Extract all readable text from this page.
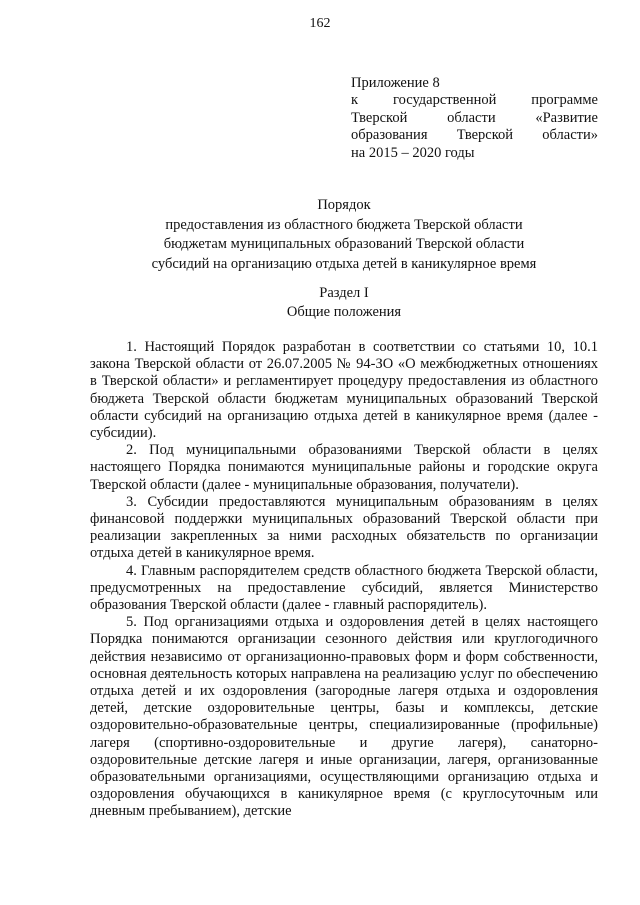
162
Приложение 8
к государственной программе
Тверской области «Развитие
образования Тверской области»
на 2015 – 2020 годы
Порядок
предоставления из областного бюджета Тверской области
бюджетам муниципальных образований Тверской области
субсидий на организацию отдыха детей в каникулярное время
Раздел I
Общие положения

1. Настоящий Порядок разработан в соответствии со статьями 10, 10.1 закона Тверской области от 26.07.2005 № 94-ЗО «О межбюджетных отношениях в Тверской области» и регламентирует процедуру предоставления из областного бюджета Тверской области бюджетам муниципальных образований Тверской области субсидий на организацию отдыха детей в каникулярное время (далее - субсидии).

2. Под муниципальными образованиями Тверской области в целях настоящего Порядка понимаются муниципальные районы и городские округа Тверской области (далее - муниципальные образования, получатели).

3. Субсидии предоставляются муниципальным образованиям в целях финансовой поддержки муниципальных образований Тверской области при реализации закрепленных за ними расходных обязательств по организации отдыха детей в каникулярное время.

4. Главным распорядителем средств областного бюджета Тверской области, предусмотренных на предоставление субсидий, является Министерство образования Тверской области (далее - главный распорядитель).

5. Под организациями отдыха и оздоровления детей в целях настоящего Порядка понимаются организации сезонного действия или круглогодичного действия независимо от организационно-правовых форм и форм собственности, основная деятельность которых направлена на реализацию услуг по обеспечению отдыха детей и их оздоровления (загородные лагеря отдыха и оздоровления детей, детские оздоровительные центры, базы и комплексы, детские оздоровительно-образовательные центры, специализированные (профильные) лагеря (спортивно-оздоровительные и другие лагеря), санаторно-оздоровительные детские лагеря и иные организации, лагеря, организованные образовательными организациями, осуществляющими организацию отдыха и оздоровления обучающихся в каникулярное время (с круглосуточным или дневным пребыванием), детские
